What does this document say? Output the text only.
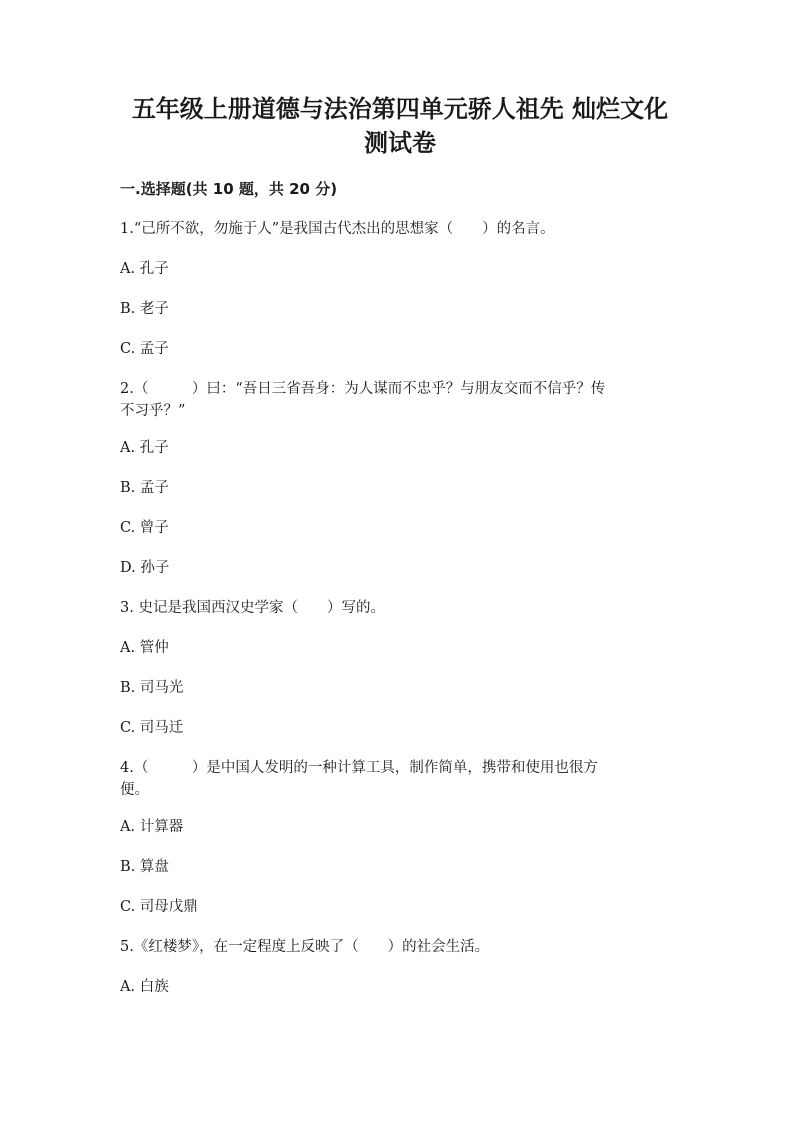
五年级上册道德与法治第四单元骄人祖先 灿烂文化
测试卷
一.选择题(共 10 题，共 20 分)
1.“己所不欲，勿施于人”是我国古代杰出的思想家（　　）的名言。
A. 孔子
B. 老子
C. 孟子
2.（　　　）曰：“吾日三省吾身：为人谋而不忠乎？与朋友交而不信乎？传
不习乎？”
A. 孔子
B. 孟子
C. 曾子
D. 孙子
3. 史记是我国西汉史学家（　　）写的。
A. 管仲
B. 司马光
C. 司马迁
4.（　　　）是中国人发明的一种计算工具，制作简单，携带和使用也很方
便。
A. 计算器
B. 算盘
C. 司母戊鼎
5.《红楼梦》，在一定程度上反映了（　　）的社会生活。
A. 白族
